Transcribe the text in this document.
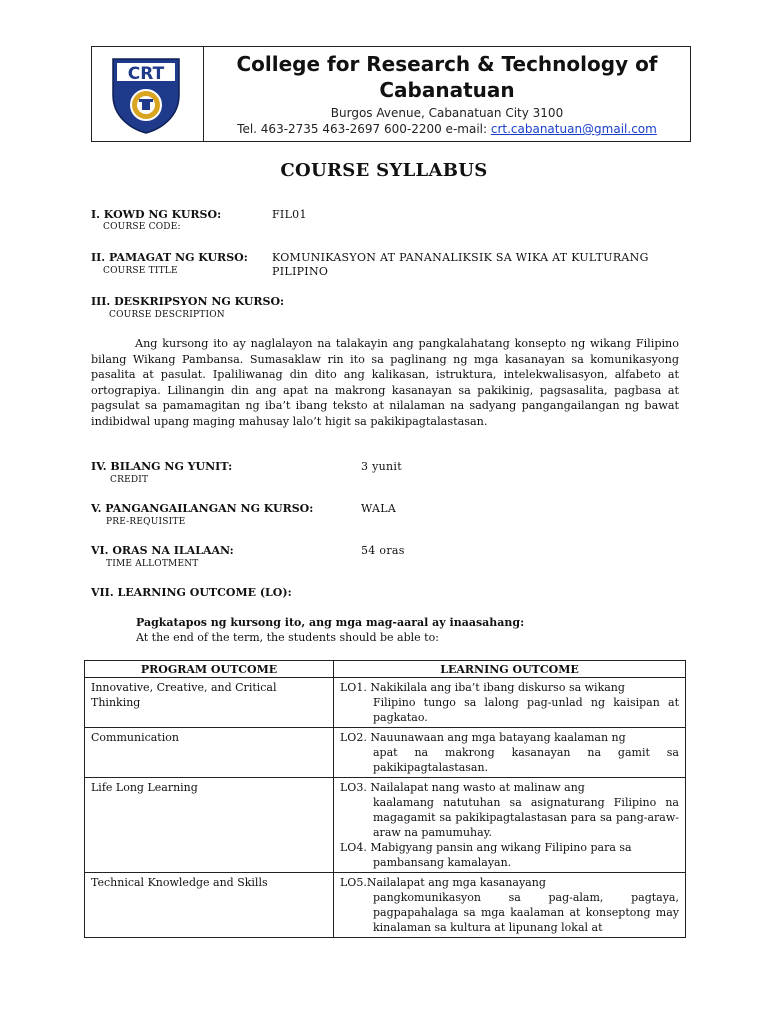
CRT	College for Research & Technology of Cabanatuan
Burgos Avenue, Cabanatuan City 3100
Tel. 463-2735 463-2697 600-2200 e-mail: crt.cabanatuan@gmail.com
COURSE SYLLABUS
I. KOWD NG KURSO:
COURSE CODE:
FIL01
II. PAMAGAT NG KURSO:
COURSE TITLE
KOMUNIKASYON AT PANANALIKSIK SA WIKA AT KULTURANG
PILIPINO
III. DESKRIPSYON NG KURSO:
COURSE DESCRIPTION
Ang kursong ito ay naglalayon na talakayin ang pangkalahatang konsepto ng wikang Filipino bilang Wikang Pambansa. Sumasaklaw rin ito sa paglinang ng mga kasanayan sa komunikasyong pasalita at pasulat. Ipaliliwanag din dito ang kalikasan, istruktura, intelekwalisasyon, alfabeto at ortograpiya. Lilinangin din ang apat na makrong kasanayan sa pakikinig, pagsasalita, pagbasa at pagsulat sa pamamagitan ng iba’t ibang teksto at nilalaman na sadyang pangangailangan ng bawat indibidwal upang maging mahusay lalo’t higit sa pakikipagtalastasan.
IV. BILANG NG YUNIT:
CREDIT
3 yunit
V. PANGANGAILANGAN NG KURSO:
PRE-REQUISITE
WALA
VI. ORAS NA ILALAAN:
TIME ALLOTMENT
54 oras
VII. LEARNING OUTCOME (LO):
Pagkatapos ng kursong ito, ang mga mag-aaral ay inaasahang:
At the end of the term, the students should be able to:
PROGRAM OUTCOME	LEARNING OUTCOME
Innovative, Creative, and Critical Thinking	LO1. Nakikilala ang iba’t ibang diskurso sa wikang
Filipino tungo sa lalong pag-unlad ng kaisipan at pagkatao.

Communication	LO2. Nauunawaan ang mga batayang kaalaman ng
apat na makrong kasanayan na gamit sa pakikipagtalastasan.

Life Long Learning	LO3. Nailalapat nang wasto at malinaw ang
kaalamang natutuhan sa asignaturang Filipino na magagamit sa pakikipagtalastasan para sa pang-araw-araw na pamumuhay.
LO4. Mabigyang pansin ang wikang Filipino para sa
pambansang kamalayan.

Technical Knowledge and Skills	LO5.Nailalapat ang mga kasanayang
pangkomunikasyon sa pag-alam, pagtaya, pagpapahalaga sa mga kaalaman at konseptong may kinalaman sa kultura at lipunang lokal at
